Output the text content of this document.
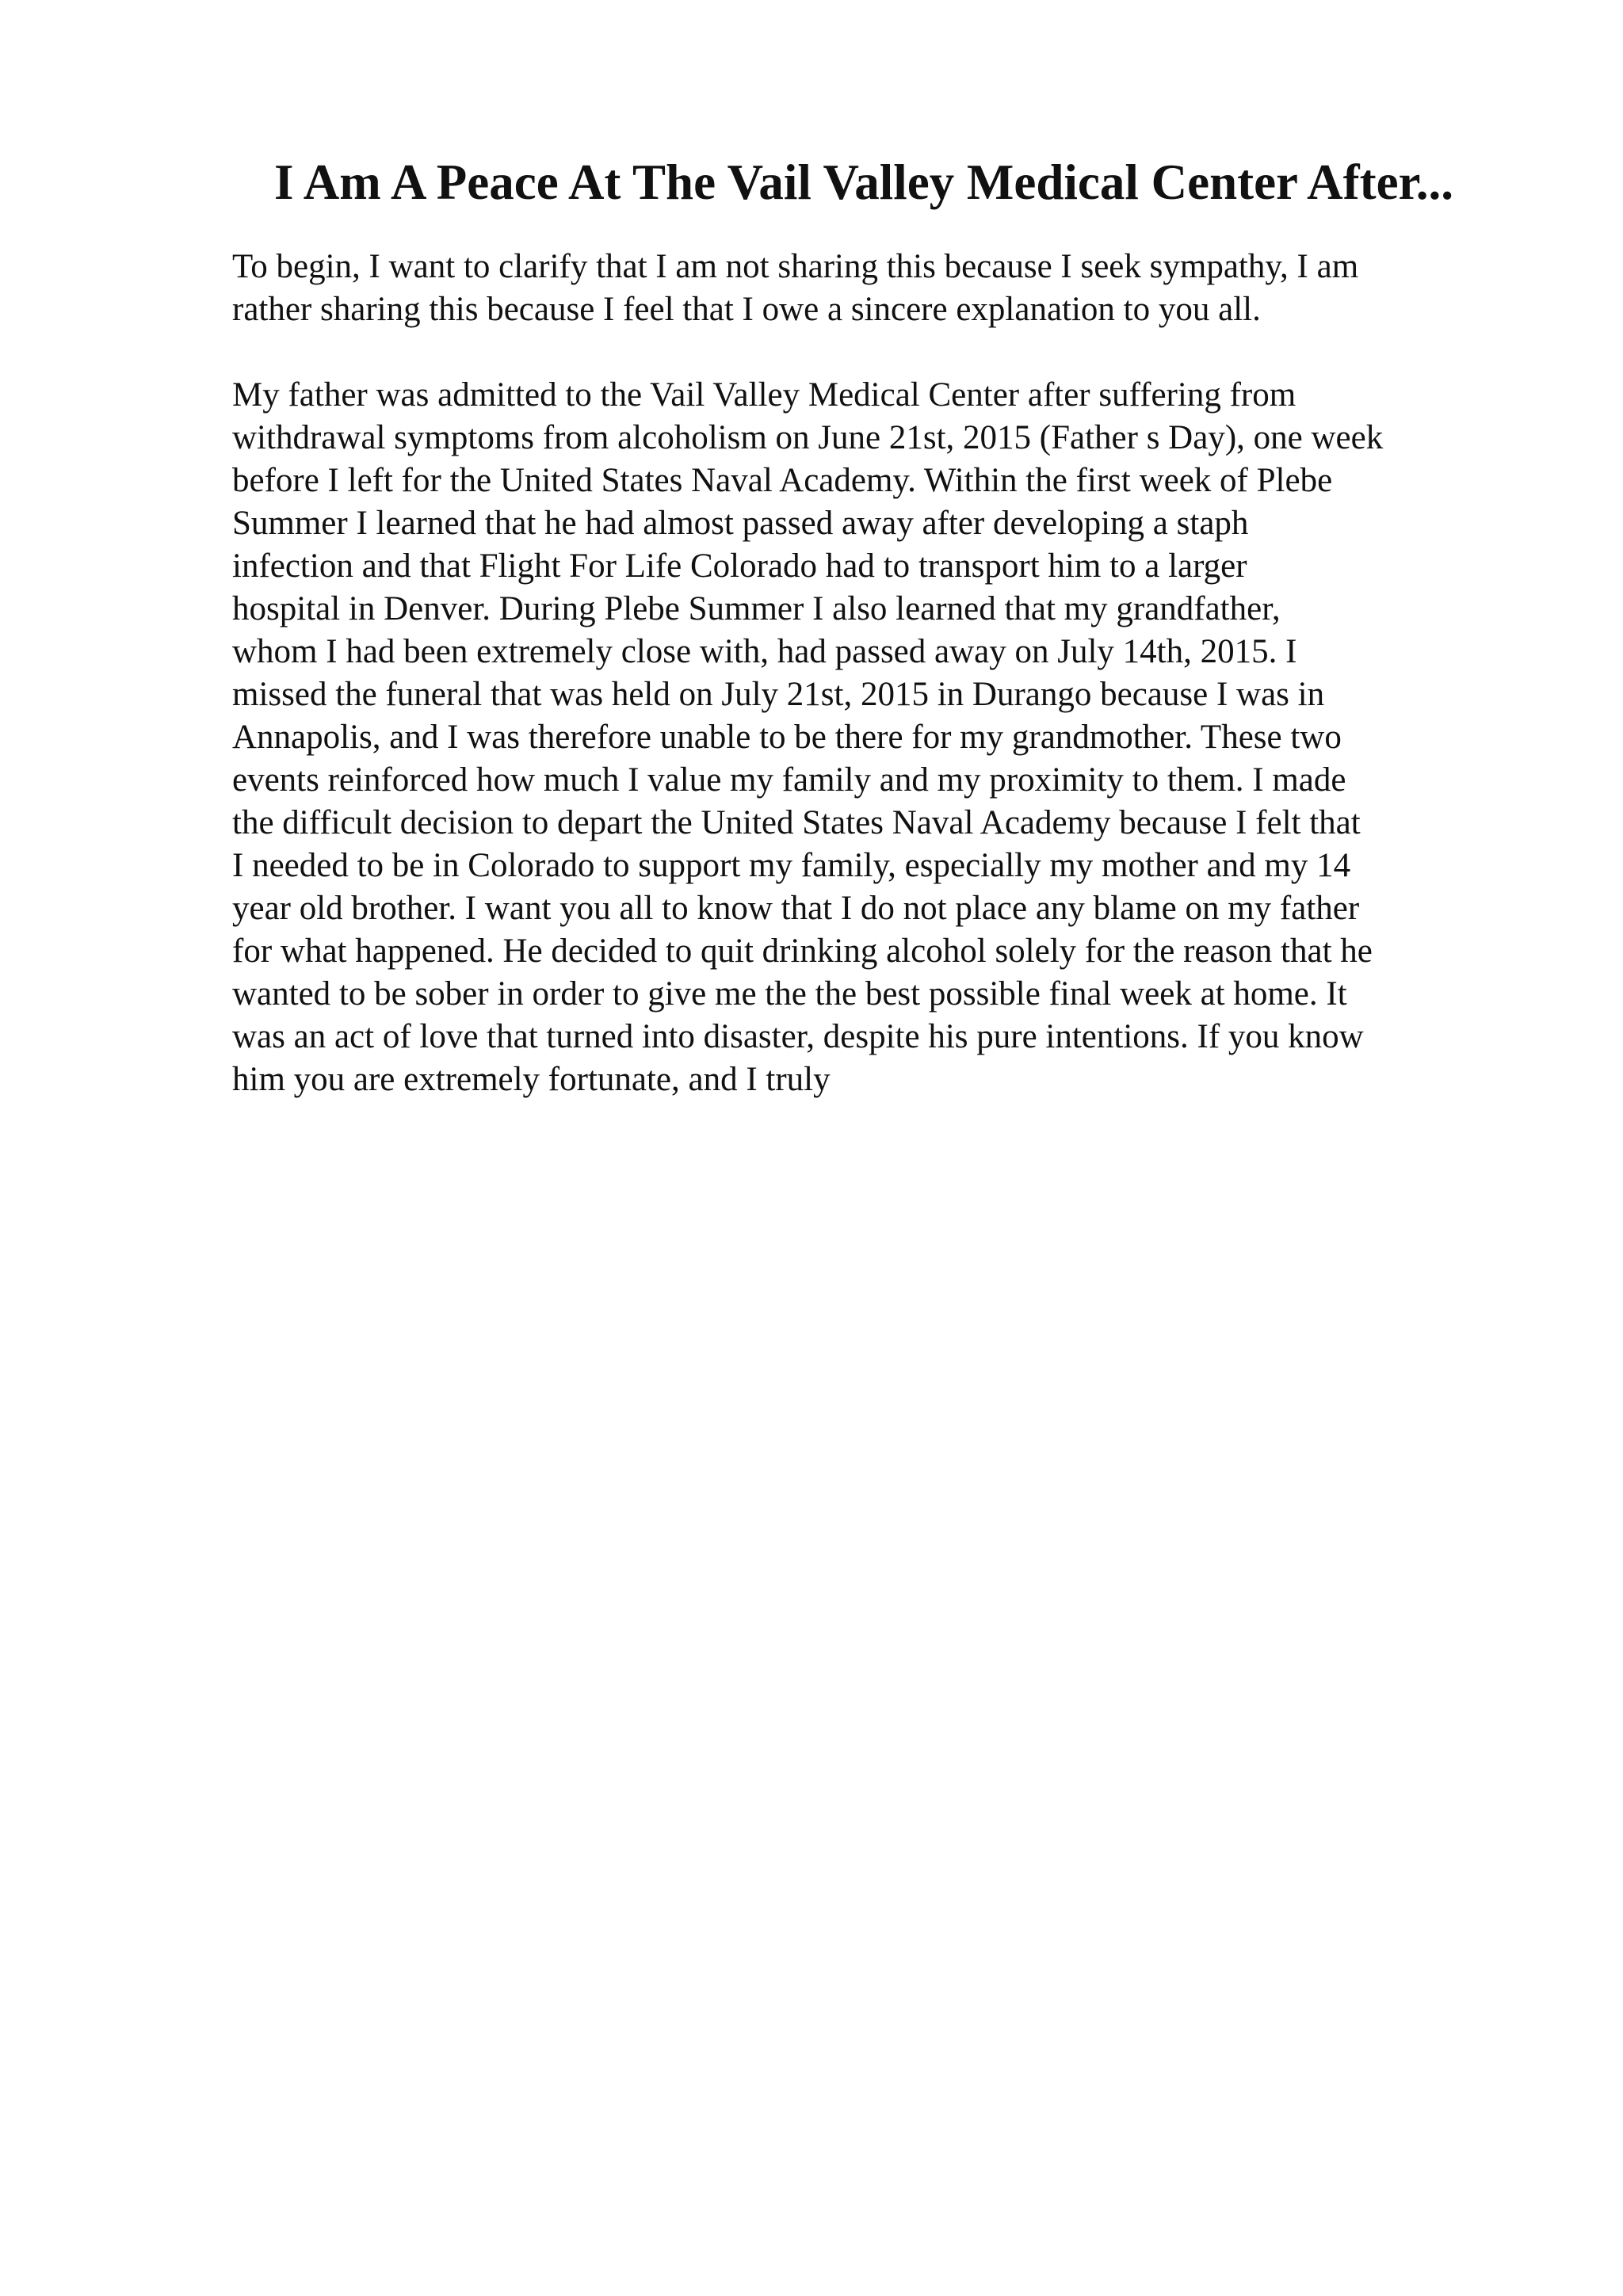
I Am A Peace At The Vail Valley Medical Center After...

To begin, I want to clarify that I am not sharing this because I seek sympathy, I am
rather sharing this because I feel that I owe a sincere explanation to you all.

My father was admitted to the Vail Valley Medical Center after suffering from
withdrawal symptoms from alcoholism on June 21st, 2015 (Father s Day), one week
before I left for the United States Naval Academy. Within the first week of Plebe
Summer I learned that he had almost passed away after developing a staph
infection and that Flight For Life Colorado had to transport him to a larger
hospital in Denver. During Plebe Summer I also learned that my grandfather,
whom I had been extremely close with, had passed away on July 14th, 2015. I
missed the funeral that was held on July 21st, 2015 in Durango because I was in
Annapolis, and I was therefore unable to be there for my grandmother. These two
events reinforced how much I value my family and my proximity to them. I made
the difficult decision to depart the United States Naval Academy because I felt that
I needed to be in Colorado to support my family, especially my mother and my 14
year old brother. I want you all to know that I do not place any blame on my father
for what happened. He decided to quit drinking alcohol solely for the reason that he
wanted to be sober in order to give me the the best possible final week at home. It
was an act of love that turned into disaster, despite his pure intentions. If you know
him you are extremely fortunate, and I truly
